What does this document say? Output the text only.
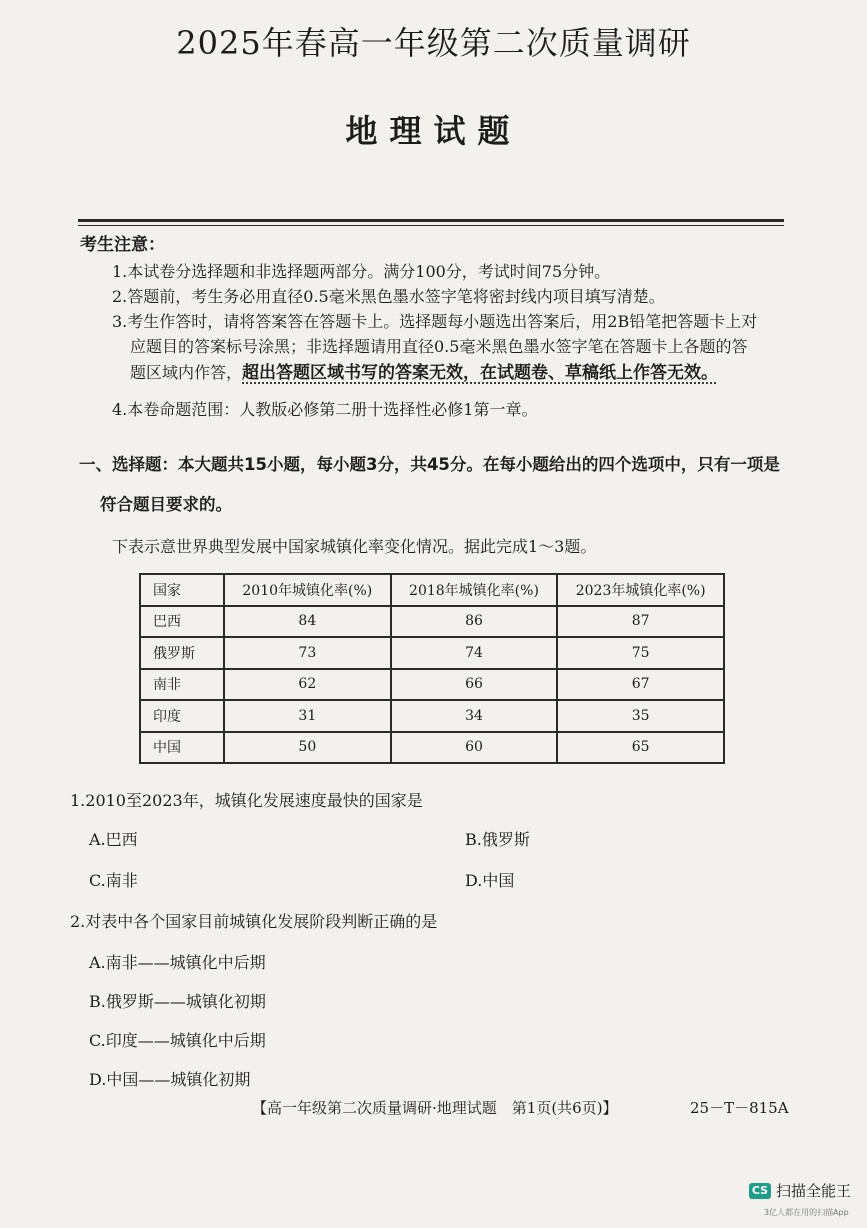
2025年春高一年级第二次质量调研
地理试题
考生注意：
1.本试卷分选择题和非选择题两部分。满分100分，考试时间75分钟。
2.答题前，考生务必用直径0.5毫米黑色墨水签字笔将密封线内项目填写清楚。
3.考生作答时，请将答案答在答题卡上。选择题每小题选出答案后，用2B铅笔把答题卡上对
应题目的答案标号涂黑；非选择题请用直径0.5毫米黑色墨水签字笔在答题卡上各题的答
题区域内作答，超出答题区域书写的答案无效，在试题卷、草稿纸上作答无效。
4.本卷命题范围：人教版必修第二册十选择性必修1第一章。
一、选择题：本大题共15小题，每小题3分，共45分。在每小题给出的四个选项中，只有一项是
符合题目要求的。
下表示意世界典型发展中国家城镇化率变化情况。据此完成1～3题。
国家	2010年城镇化率(%)	2018年城镇化率(%)	2023年城镇化率(%)
巴西	84	86	87
俄罗斯	73	74	75
南非	62	66	67
印度	31	34	35
中国	50	60	65
1.2010至2023年，城镇化发展速度最快的国家是
A.巴西	B.俄罗斯
C.南非	D.中国
2.对表中各个国家目前城镇化发展阶段判断正确的是
A.南非——城镇化中后期
B.俄罗斯——城镇化初期
C.印度——城镇化中后期
D.中国——城镇化初期
【高一年级第二次质量调研·地理试题　第1页(共6页)】	25－T－815A
CS 扫描全能王
3亿人都在用的扫描App
